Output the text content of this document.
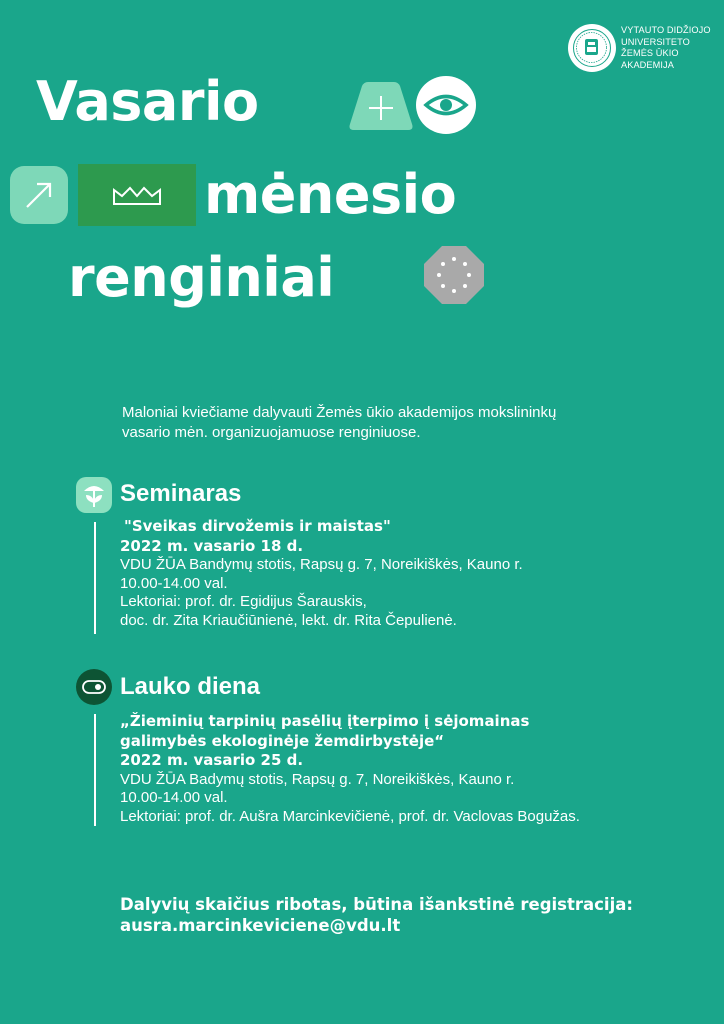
VYTAUTO DIDŽIOJO
UNIVERSITETO
ŽEMĖS ŪKIO
AKADEMIJA
Vasario
mėnesio
renginiai
Maloniai kviečiame dalyvauti Žemės ūkio akademijos mokslininkų
vasario mėn. organizuojamuose renginiuose.
Seminaras
"Sveikas dirvožemis ir maistas"
2022 m. vasario 18 d.
VDU ŽŪA Bandymų stotis, Rapsų g. 7, Noreikiškės, Kauno r.
10.00-14.00 val.
Lektoriai: prof. dr. Egidijus Šarauskis,
doc. dr. Zita Kriaučiūnienė, lekt. dr. Rita Čepulienė.
Lauko diena
„Žieminių tarpinių pasėlių įterpimo į sėjomainas
galimybės ekologinėje žemdirbystėje“
2022 m. vasario 25 d.
VDU ŽŪA Badymų stotis, Rapsų g. 7, Noreikiškės, Kauno r.
10.00-14.00 val.
Lektoriai: prof. dr. Aušra Marcinkevičienė, prof. dr. Vaclovas Bogužas.
Dalyvių skaičius ribotas, būtina išankstinė registracija:
ausra.marcinkeviciene@vdu.lt
